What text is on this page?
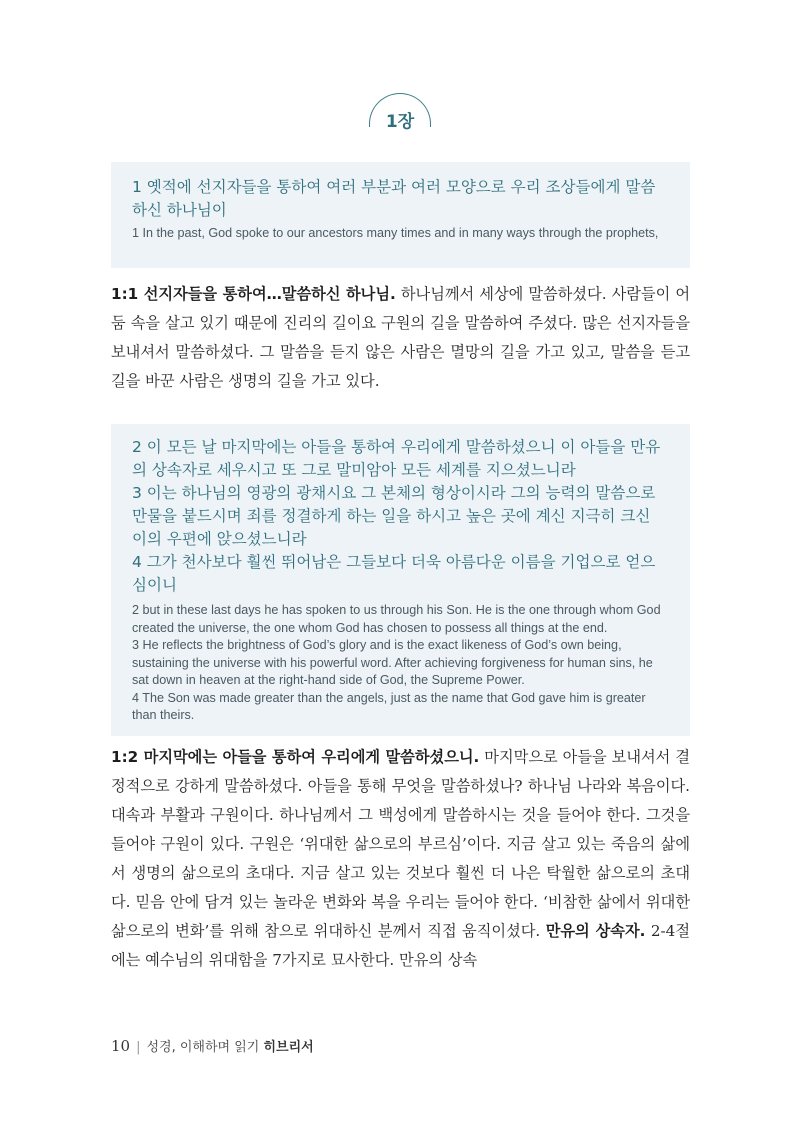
1장

1 옛적에 선지자들을 통하여 여러 부분과 여러 모양으로 우리 조상들에게 말씀하신 하나님이

1 In the past, God spoke to our ancestors many times and in many ways through the prophets,

1:1 선지자들을 통하여…말씀하신 하나님. 하나님께서 세상에 말씀하셨다. 사람들이 어둠 속을 살고 있기 때문에 진리의 길이요 구원의 길을 말씀하여 주셨다. 많은 선지자들을 보내셔서 말씀하셨다. 그 말씀을 듣지 않은 사람은 멸망의 길을 가고 있고, 말씀을 듣고 길을 바꾼 사람은 생명의 길을 가고 있다.

2 이 모든 날 마지막에는 아들을 통하여 우리에게 말씀하셨으니 이 아들을 만유의 상속자로 세우시고 또 그로 말미암아 모든 세계를 지으셨느니라

3 이는 하나님의 영광의 광채시요 그 본체의 형상이시라 그의 능력의 말씀으로 만물을 붙드시며 죄를 정결하게 하는 일을 하시고 높은 곳에 계신 지극히 크신 이의 우편에 앉으셨느니라

4 그가 천사보다 훨씬 뛰어남은 그들보다 더욱 아름다운 이름을 기업으로 얻으심이니

2 but in these last days he has spoken to us through his Son. He is the one through whom God created the universe, the one whom God has chosen to possess all things at the end.

3 He reflects the brightness of God’s glory and is the exact likeness of God’s own being, sustaining the universe with his powerful word. After achieving forgiveness for human sins, he sat down in heaven at the right-hand side of God, the Supreme Power.

4 The Son was made greater than the angels, just as the name that God gave him is greater than theirs.

1:2 마지막에는 아들을 통하여 우리에게 말씀하셨으니. 마지막으로 아들을 보내셔서 결정적으로 강하게 말씀하셨다. 아들을 통해 무엇을 말씀하셨나? 하나님 나라와 복음이다. 대속과 부활과 구원이다. 하나님께서 그 백성에게 말씀하시는 것을 들어야 한다. 그것을 들어야 구원이 있다. 구원은 ‘위대한 삶으로의 부르심’이다. 지금 살고 있는 죽음의 삶에서 생명의 삶으로의 초대다. 지금 살고 있는 것보다 훨씬 더 나은 탁월한 삶으로의 초대다. 믿음 안에 담겨 있는 놀라운 변화와 복을 우리는 들어야 한다. ‘비참한 삶에서 위대한 삶으로의 변화’를 위해 참으로 위대하신 분께서 직접 움직이셨다. 만유의 상속자. 2-4절에는 예수님의 위대함을 7가지로 묘사한다. 만유의 상속

10 | 성경, 이해하며 읽기 히브리서
